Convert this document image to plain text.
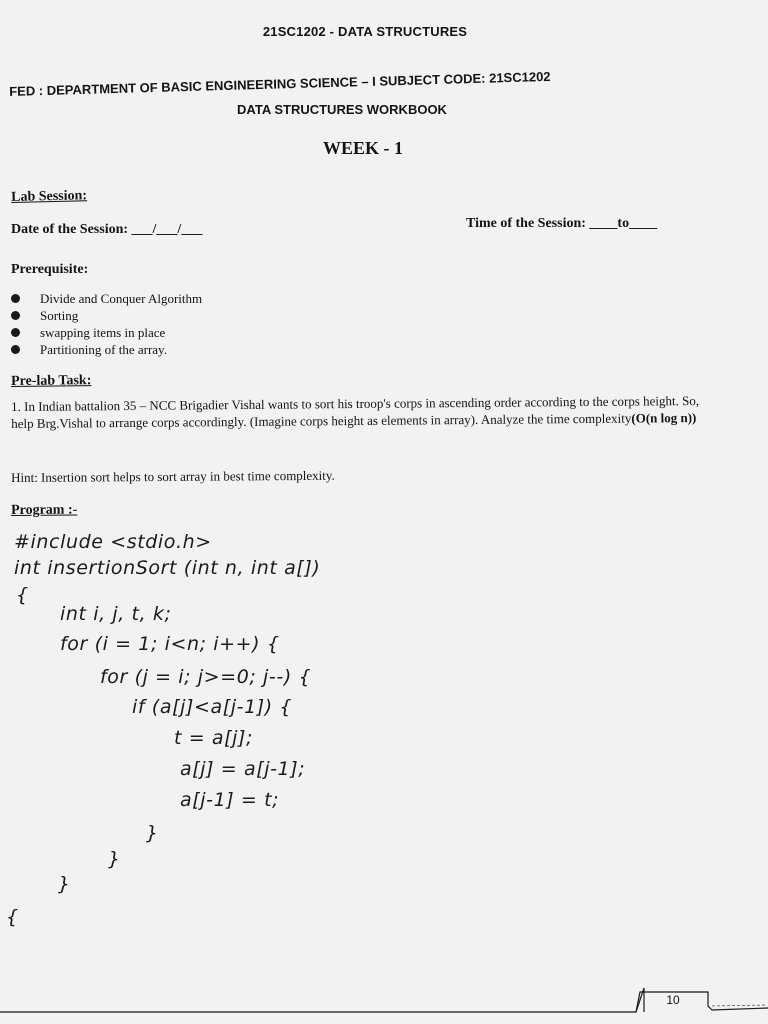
21SC1202 - DATA STRUCTURES
FED : DEPARTMENT OF BASIC ENGINEERING SCIENCE – I SUBJECT CODE: 21SC1202
DATA STRUCTURES WORKBOOK
WEEK - 1
Lab Session:
Date of the Session: ___/___/___	Time of the Session: ____to____
Prerequisite:
Divide and Conquer Algorithm
Sorting
swapping items in place
Partitioning of the array.
Pre-lab Task:
1. In Indian battalion 35 – NCC Brigadier Vishal wants to sort his troop's corps in ascending order according to the corps height. So, help Brg.Vishal to arrange corps accordingly. (Imagine corps height as elements in array). Analyze the time complexity(O(n log n))
Hint: Insertion sort helps to sort array in best time complexity.
Program :-
#include <stdio.h>
int insertionSort (int n, int a[])
{
int i, j, t, k;
for (i = 1; i<n; i++) {
for (j = i; j>=0; j--) {
if (a[j]<a[j-1]) {
t = a[j];
a[j] = a[j-1];
a[j-1] = t;
}
}
}
{
10
